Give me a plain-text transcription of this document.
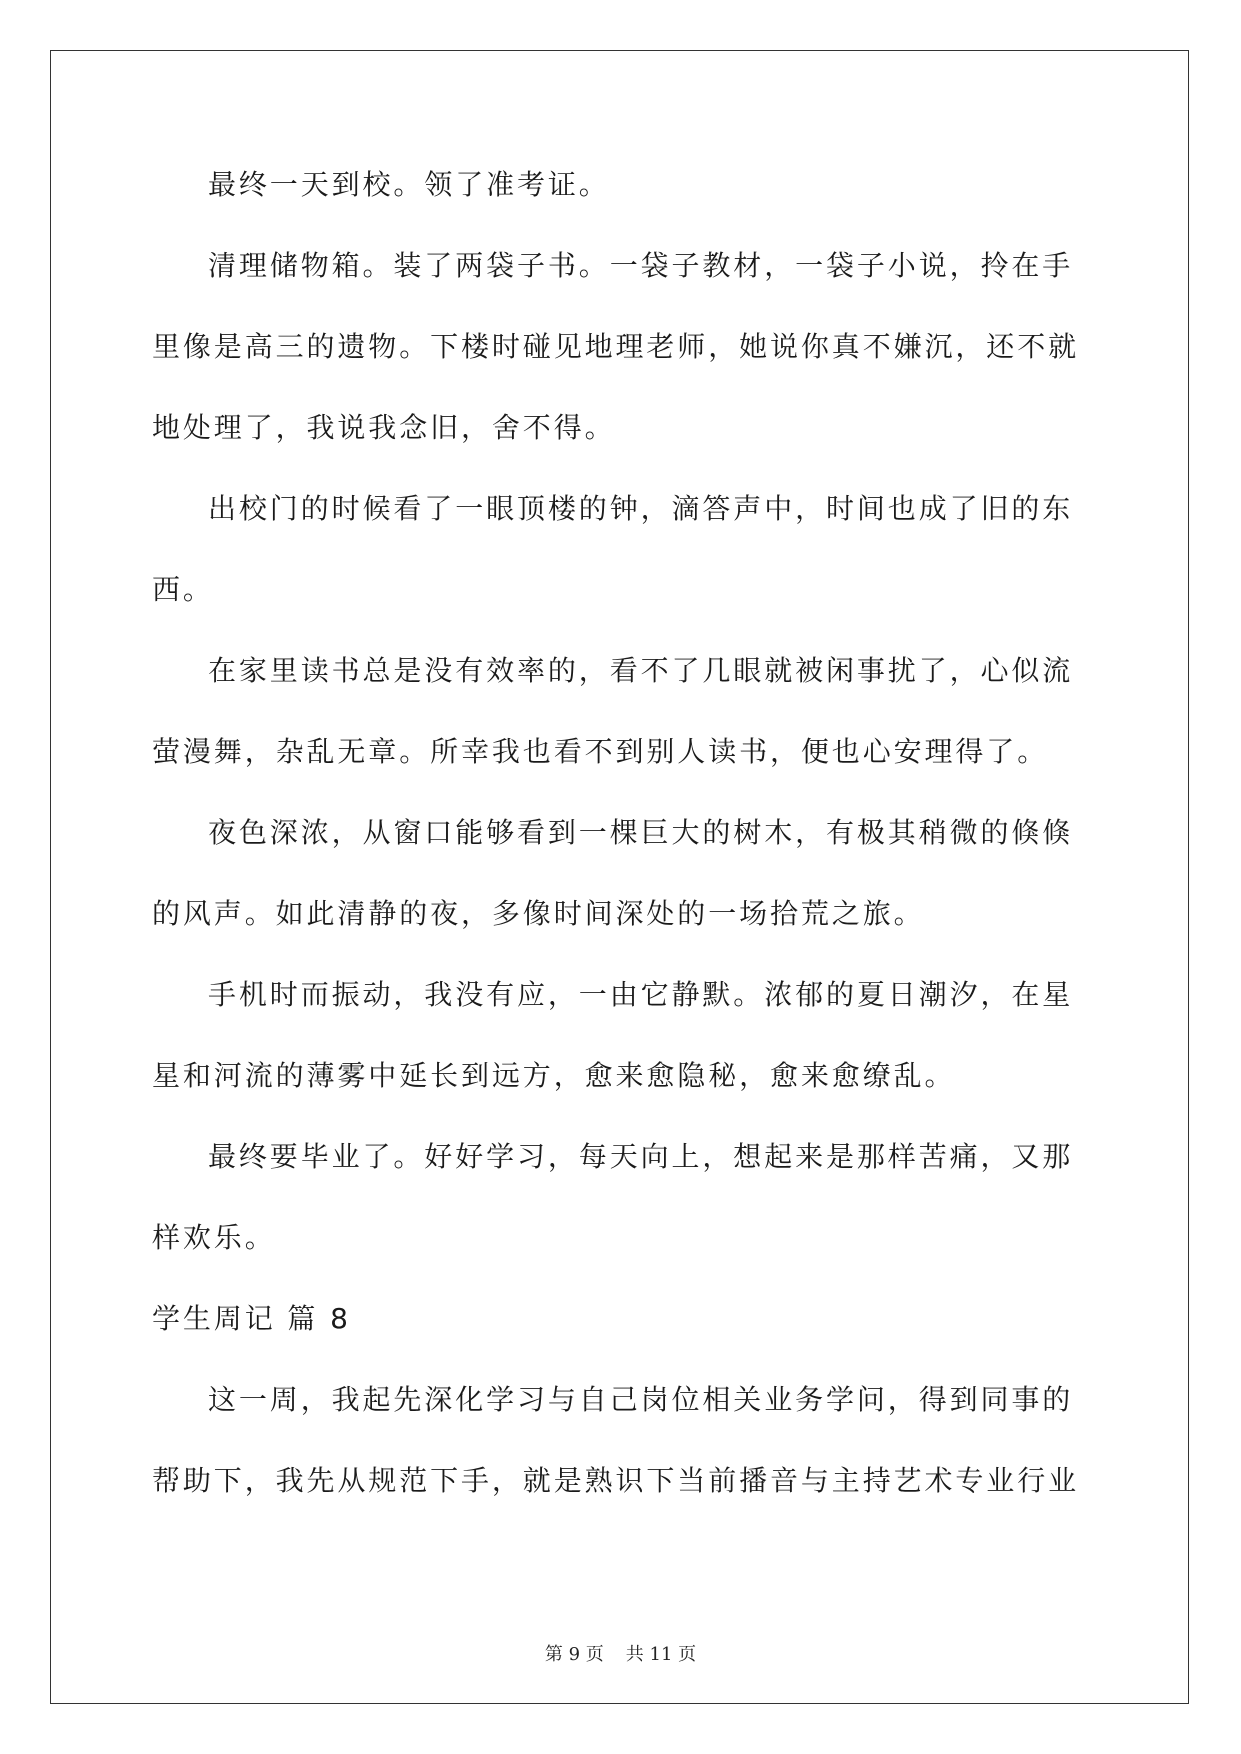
最终一天到校。领了准考证。

清理储物箱。装了两袋子书。一袋子教材，一袋子小说，拎在手里像是高三的遗物。下楼时碰见地理老师，她说你真不嫌沉，还不就地处理了，我说我念旧，舍不得。

出校门的时候看了一眼顶楼的钟，滴答声中，时间也成了旧的东西。

在家里读书总是没有效率的，看不了几眼就被闲事扰了，心似流萤漫舞，杂乱无章。所幸我也看不到别人读书，便也心安理得了。

夜色深浓，从窗口能够看到一棵巨大的树木，有极其稍微的倏倏的风声。如此清静的夜，多像时间深处的一场拾荒之旅。

手机时而振动，我没有应，一由它静默。浓郁的夏日潮汐，在星星和河流的薄雾中延长到远方，愈来愈隐秘，愈来愈缭乱。

最终要毕业了。好好学习，每天向上，想起来是那样苦痛，又那样欢乐。

学生周记 篇 8

这一周，我起先深化学习与自己岗位相关业务学问，得到同事的帮助下，我先从规范下手，就是熟识下当前播音与主持艺术专业行业

第 9 页 共 11 页
